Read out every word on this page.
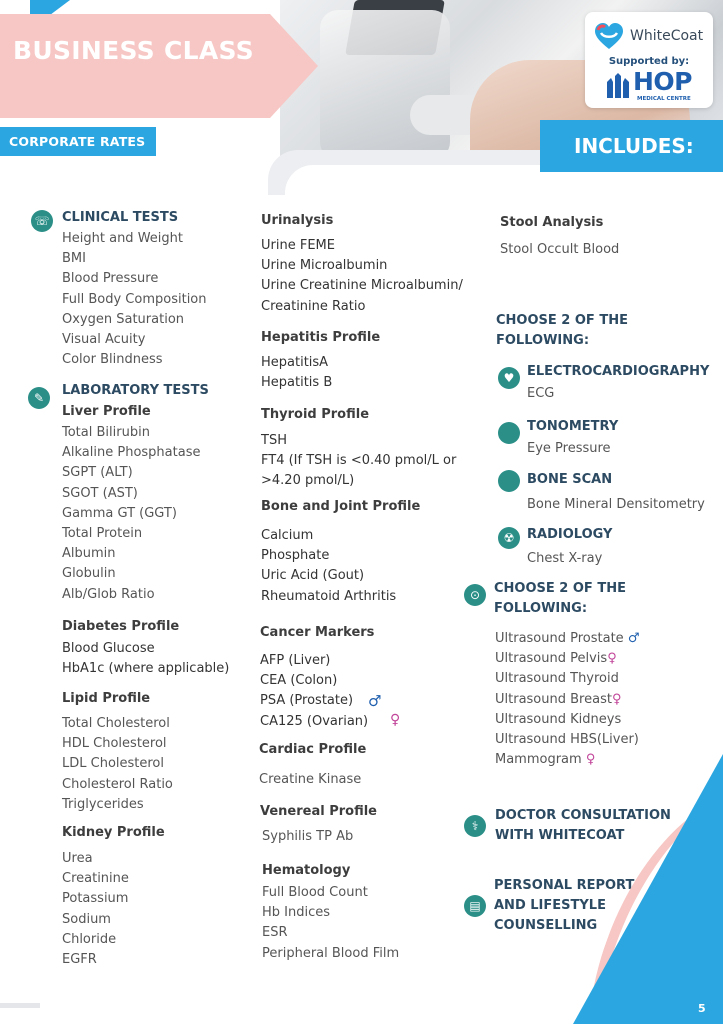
BUSINESS CLASS
CORPORATE RATES	INCLUDES:
WhiteCoat
Supported by:
HOP
MEDICAL CENTRE
☏ CLINICAL TESTS
Height and Weight
BMI
Blood Pressure
Full Body Composition
Oxygen Saturation
Visual Acuity
Color Blindness
✎	LABORATORY TESTS
Liver Profile
Total Bilirubin
Alkaline Phosphatase
SGPT (ALT)
SGOT (AST)
Gamma GT (GGT)
Total Protein
Albumin
Globulin
Alb/Glob Ratio
Diabetes Profile
Blood Glucose
HbA1c (where applicable)
Lipid Profile
Total Cholesterol
HDL Cholesterol
LDL Cholesterol
Cholesterol Ratio
Triglycerides
Kidney Profile
Urea
Creatinine
Potassium
Sodium
Chloride
EGFR
Urinalysis
Urine FEME
Urine Microalbumin
Urine Creatinine Microalbumin/
Creatinine Ratio
Hepatitis Profile
HepatitisA
Hepatitis B
Thyroid Profile
TSH
FT4 (If TSH is <0.40 pmol/L or
>4.20 pmol/L)
Bone and Joint Profile
Calcium
Phosphate
Uric Acid (Gout)
Rheumatoid Arthritis
Cancer Markers
AFP (Liver)
CEA (Colon)
PSA (Prostate)
CA125 (Ovarian)
♂
♀
Cardiac Profile
Creatine Kinase
Venereal Profile
Syphilis TP Ab
Hematology
Full Blood Count
Hb Indices
ESR
Peripheral Blood Film
Stool Analysis
Stool Occult Blood
CHOOSE 2 OF THE
FOLLOWING:
♥ ELECTROCARDIOGRAPHY
ECG
TONOMETRY
Eye Pressure
BONE SCAN
Bone Mineral Densitometry
☢ RADIOLOGY
Chest X-ray
⊙	CHOOSE 2 OF THE
FOLLOWING:
Ultrasound Prostate ♂
Ultrasound Pelvis♀
Ultrasound Thyroid
Ultrasound Breast♀
Ultrasound Kidneys
Ultrasound HBS(Liver)
Mammogram ♀
⚕
DOCTOR CONSULTATION
WITH WHITECOAT
▤
PERSONAL REPORT
AND LIFESTYLE
COUNSELLING
5
